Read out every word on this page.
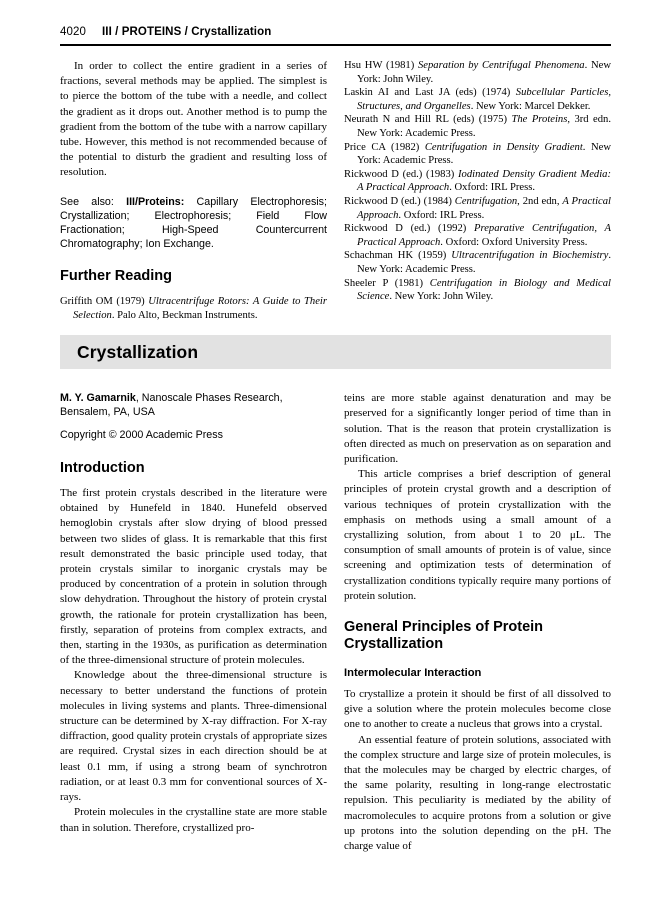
4020 III / PROTEINS / Crystallization

In order to collect the entire gradient in a series of fractions, several methods may be applied. The simplest is to pierce the bottom of the tube with a needle, and collect the gradient as it drops out. Another method is to pump the gradient from the bottom of the tube with a narrow capillary tube. However, this method is not recommended because of the potential to disturb the gradient and resulting loss of resolution.

See also: III/Proteins: Capillary Electrophoresis; Crystallization; Electrophoresis; Field Flow Fractionation; High-Speed Countercurrent Chromatography; Ion Exchange.

Further Reading

Griffith OM (1979) Ultracentrifuge Rotors: A Guide to Their Selection. Palo Alto, Beckman Instruments.

Hsu HW (1981) Separation by Centrifugal Phenomena. New York: John Wiley.

Laskin AI and Last JA (eds) (1974) Subcellular Particles, Structures, and Organelles. New York: Marcel Dekker.

Neurath N and Hill RL (eds) (1975) The Proteins, 3rd edn. New York: Academic Press.

Price CA (1982) Centrifugation in Density Gradient. New York: Academic Press.

Rickwood D (ed.) (1983) Iodinated Density Gradient Media: A Practical Approach. Oxford: IRL Press.

Rickwood D (ed.) (1984) Centrifugation, 2nd edn, A Practical Approach. Oxford: IRL Press.

Rickwood D (ed.) (1992) Preparative Centrifugation, A Practical Approach. Oxford: Oxford University Press.

Schachman HK (1959) Ultracentrifugation in Biochemistry. New York: Academic Press.

Sheeler P (1981) Centrifugation in Biology and Medical Science. New York: John Wiley.

Crystallization

M. Y. Gamarnik, Nanoscale Phases Research, Bensalem, PA, USA

Copyright © 2000 Academic Press

Introduction

The first protein crystals described in the literature were obtained by Hunefeld in 1840. Hunefeld observed hemoglobin crystals after slow drying of blood pressed between two slides of glass. It is remarkable that this first result demonstrated the basic principle used today, that protein crystals similar to inorganic crystals may be produced by concentration of a protein in solution through slow dehydration. Throughout the history of protein crystal growth, the rationale for protein crystallization has been, firstly, separation of proteins from complex extracts, and then, starting in the 1930s, as purification as determination of the three-dimensional structure of protein molecules.

Knowledge about the three-dimensional structure is necessary to better understand the functions of protein molecules in living systems and plants. Three-dimensional structure can be determined by X-ray diffraction. For X-ray diffraction, good quality protein crystals of appropriate sizes are required. Crystal sizes in each direction should be at least 0.1 mm, if using a strong beam of synchrotron radiation, or at least 0.3 mm for conventional sources of X-rays.

Protein molecules in the crystalline state are more stable than in solution. Therefore, crystallized pro-

teins are more stable against denaturation and may be preserved for a significantly longer period of time than in solution. That is the reason that protein crystallization is often directed as much on preservation as on separation and purification.

This article comprises a brief description of general principles of protein crystal growth and a description of various techniques of protein crystallization with the emphasis on methods using a small amount of a crystallizing solution, from about 1 to 20 μL. The consumption of small amounts of protein is of value, since screening and optimization tests of determination of crystallization conditions typically require many portions of protein solution.

General Principles of Protein Crystallization
Intermolecular Interaction

To crystallize a protein it should be first of all dissolved to give a solution where the protein molecules become close one to another to create a nucleus that grows into a crystal.

An essential feature of protein solutions, associated with the complex structure and large size of protein molecules, is that the molecules may be charged by electric charges, of the same polarity, resulting in long-range electrostatic repulsion. This peculiarity is mediated by the ability of macromolecules to acquire protons from a solution or give up protons into the solution depending on the pH. The charge value of
